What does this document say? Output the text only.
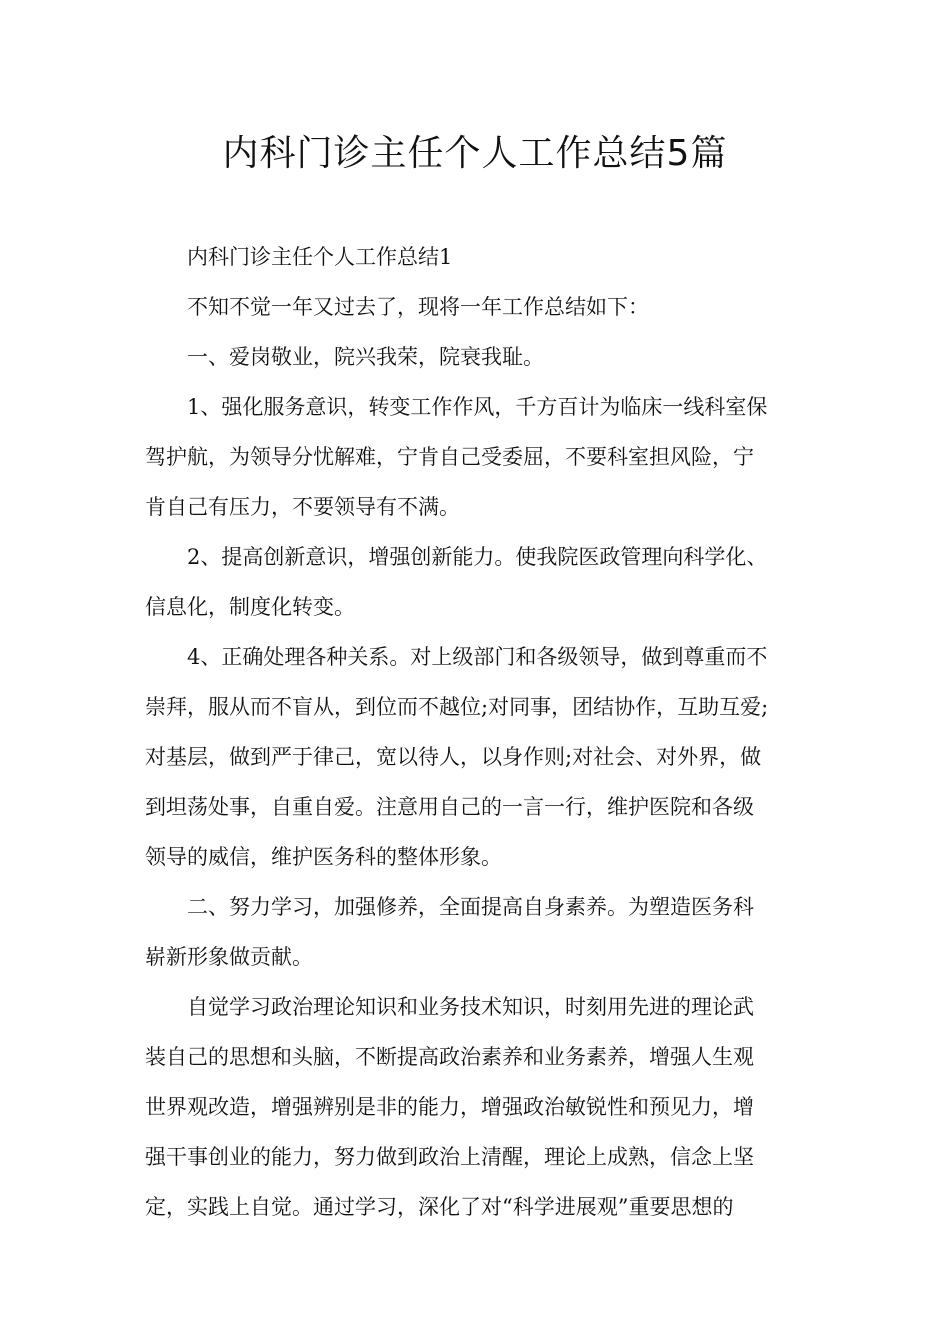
内科门诊主任个人工作总结5篇
内科门诊主任个人工作总结1
不知不觉一年又过去了，现将一年工作总结如下：
一、爱岗敬业，院兴我荣，院衰我耻。
1、强化服务意识，转变工作作风，千方百计为临床一线科室保
驾护航，为领导分忧解难，宁肯自己受委屈，不要科室担风险，宁
肯自己有压力，不要领导有不满。
2、提高创新意识，增强创新能力。使我院医政管理向科学化、
信息化，制度化转变。
4、正确处理各种关系。对上级部门和各级领导，做到尊重而不
崇拜，服从而不盲从，到位而不越位;对同事，团结协作，互助互爱;
对基层，做到严于律己，宽以待人，以身作则;对社会、对外界，做
到坦荡处事，自重自爱。注意用自己的一言一行，维护医院和各级
领导的威信，维护医务科的整体形象。
二、努力学习，加强修养，全面提高自身素养。为塑造医务科
崭新形象做贡献。
自觉学习政治理论知识和业务技术知识，时刻用先进的理论武
装自己的思想和头脑，不断提高政治素养和业务素养，增强人生观
世界观改造，增强辨别是非的能力，增强政治敏锐性和预见力，增
强干事创业的能力，努力做到政治上清醒，理论上成熟，信念上坚
定，实践上自觉。通过学习，深化了对“科学进展观”重要思想的
